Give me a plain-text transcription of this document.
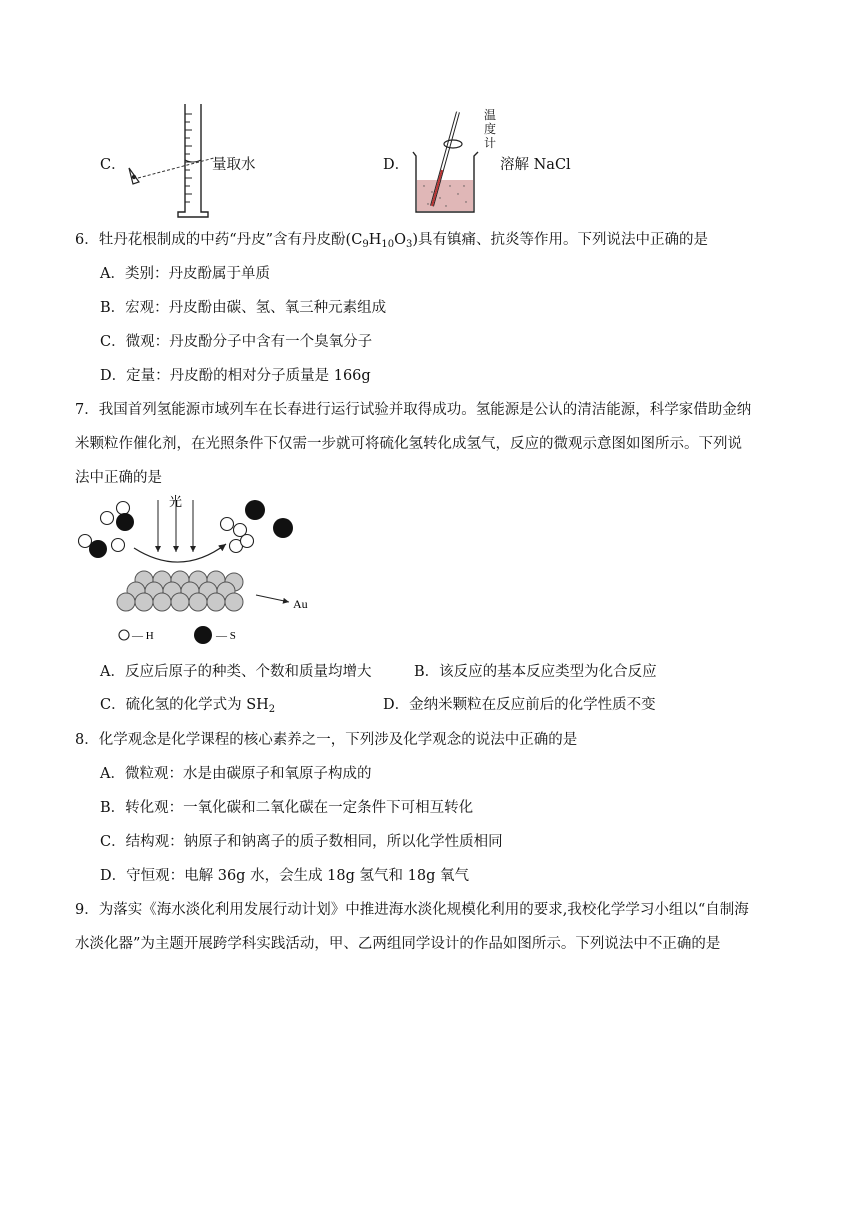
C．	量取水	D．
温
度
计
溶解 NaCl
6．牡丹花根制成的中药“丹皮”含有丹皮酚$(C_9H_{10}O_3)$具有镇痛、抗炎等作用。下列说法中正确的是
A．类别：丹皮酚属于单质
B．宏观：丹皮酚由碳、氢、氧三种元素组成
C．微观：丹皮酚分子中含有一个臭氧分子
D．定量：丹皮酚的相对分子质量是 166g
7．我国首列氢能源市域列车在长春进行运行试验并取得成功。氢能源是公认的清洁能源，科学家借助金纳
米颗粒作催化剂，在光照条件下仅需一步就可将硫化氢转化成氢气，反应的微观示意图如图所示。下列说
法中正确的是
光
Au
— H	— S
A．反应后原子的种类、个数和质量均增大	B．该反应的基本反应类型为化合反应
C．硫化氢的化学式为 $SH_2$	D．金纳米颗粒在反应前后的化学性质不变
8．化学观念是化学课程的核心素养之一，下列涉及化学观念的说法中正确的是
A．微粒观：水是由碳原子和氧原子构成的
B．转化观：一氧化碳和二氧化碳在一定条件下可相互转化
C．结构观：钠原子和钠离子的质子数相同，所以化学性质相同
D．守恒观：电解 36g 水，会生成 18g 氢气和 18g 氧气
9．为落实《海水淡化利用发展行动计划》中推进海水淡化规模化利用的要求,我校化学学习小组以“自制海
水淡化器”为主题开展跨学科实践活动，甲、乙两组同学设计的作品如图所示。下列说法中不正确的是
